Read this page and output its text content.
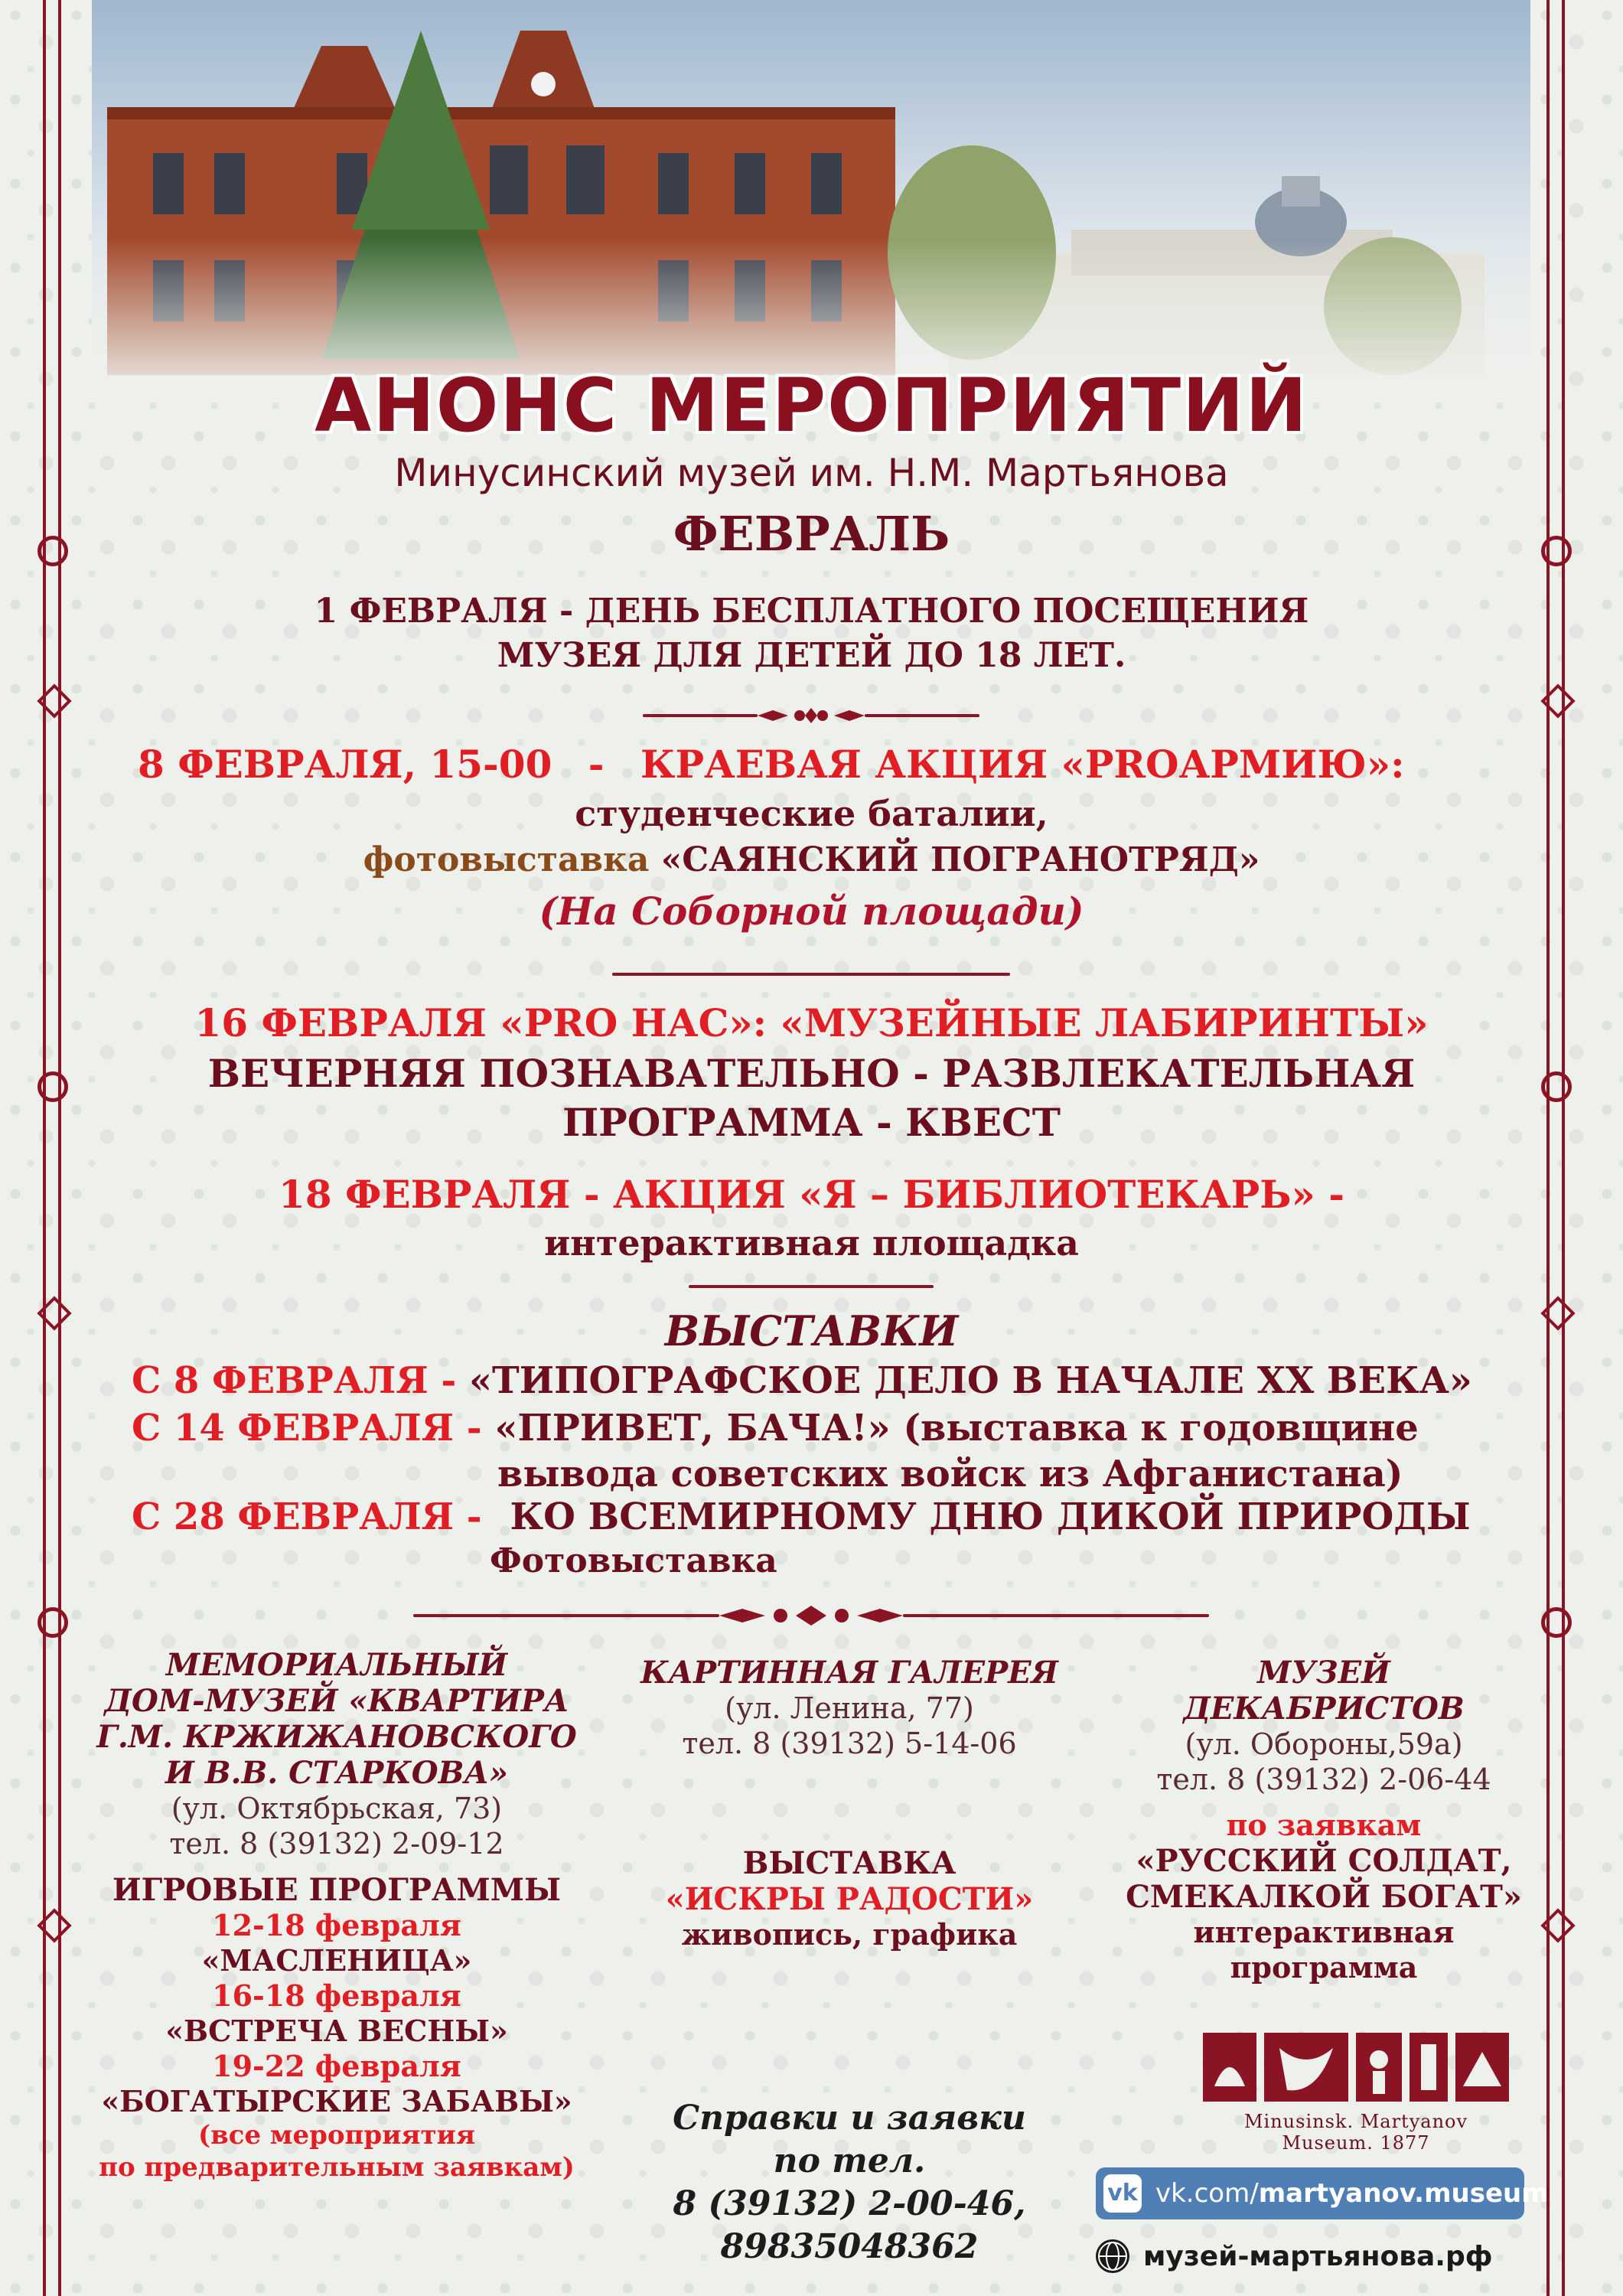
АНОНС МЕРОПРИЯТИЙ
Минусинский музей им. Н.М. Мартьянова
ФЕВРАЛЬ
1 ФЕВРАЛЯ - ДЕНЬ БЕСПЛАТНОГО ПОСЕЩЕНИЯ
МУЗЕЯ ДЛЯ ДЕТЕЙ ДО 18 ЛЕТ.
8 ФЕВРАЛЯ, 15-00 - КРАЕВАЯ АКЦИЯ «PROАРМИЮ»:
студенческие баталии,
фотовыставка «САЯНСКИЙ ПОГРАНОТРЯД»
(На Соборной площади)
16 ФЕВРАЛЯ «PRO НАС»: «МУЗЕЙНЫЕ ЛАБИРИНТЫ»
ВЕЧЕРНЯЯ ПОЗНАВАТЕЛЬНО - РАЗВЛЕКАТЕЛЬНАЯ
ПРОГРАММА - КВЕСТ
18 ФЕВРАЛЯ - АКЦИЯ «Я – БИБЛИОТЕКАРЬ» -
интерактивная площадка
ВЫСТАВКИ
С 8 ФЕВРАЛЯ - «ТИПОГРАФСКОЕ ДЕЛО В НАЧАЛЕ XX ВЕКА»
С 14 ФЕВРАЛЯ - «ПРИВЕТ, БАЧА!» (выставка к годовщине
вывода советских войск из Афганистана)
С 28 ФЕВРАЛЯ - КО ВСЕМИРНОМУ ДНЮ ДИКОЙ ПРИРОДЫ
Фотовыставка
МЕМОРИАЛЬНЫЙ
ДОМ-МУЗЕЙ «КВАРТИРА
Г.М. КРЖИЖАНОВСКОГО
И В.В. СТАРКОВА»
(ул. Октябрьская, 73)
тел. 8 (39132) 2-09-12
ИГРОВЫЕ ПРОГРАММЫ
12-18 февраля
«МАСЛЕНИЦА»
16-18 февраля
«ВСТРЕЧА ВЕСНЫ»
19-22 февраля
«БОГАТЫРСКИЕ ЗАБАВЫ»
(все мероприятия
по предварительным заявкам)
КАРТИННАЯ ГАЛЕРЕЯ
(ул. Ленина, 77)
тел. 8 (39132) 5-14-06
ВЫСТАВКА
«ИСКРЫ РАДОСТИ»
живопись, графика
Справки и заявки
по тел.
8 (39132) 2-00-46,
89835048362
МУЗЕЙ
ДЕКАБРИСТОВ
(ул. Обороны,59а)
тел. 8 (39132) 2-06-44
по заявкам
«РУССКИЙ СОЛДАТ,
СМЕКАЛКОЙ БОГАТ»
интерактивная
программа
Minusinsk. Martyanov Museum. 1877
vk vk.com/martyanov.museum
музей-мартьянова.рф
